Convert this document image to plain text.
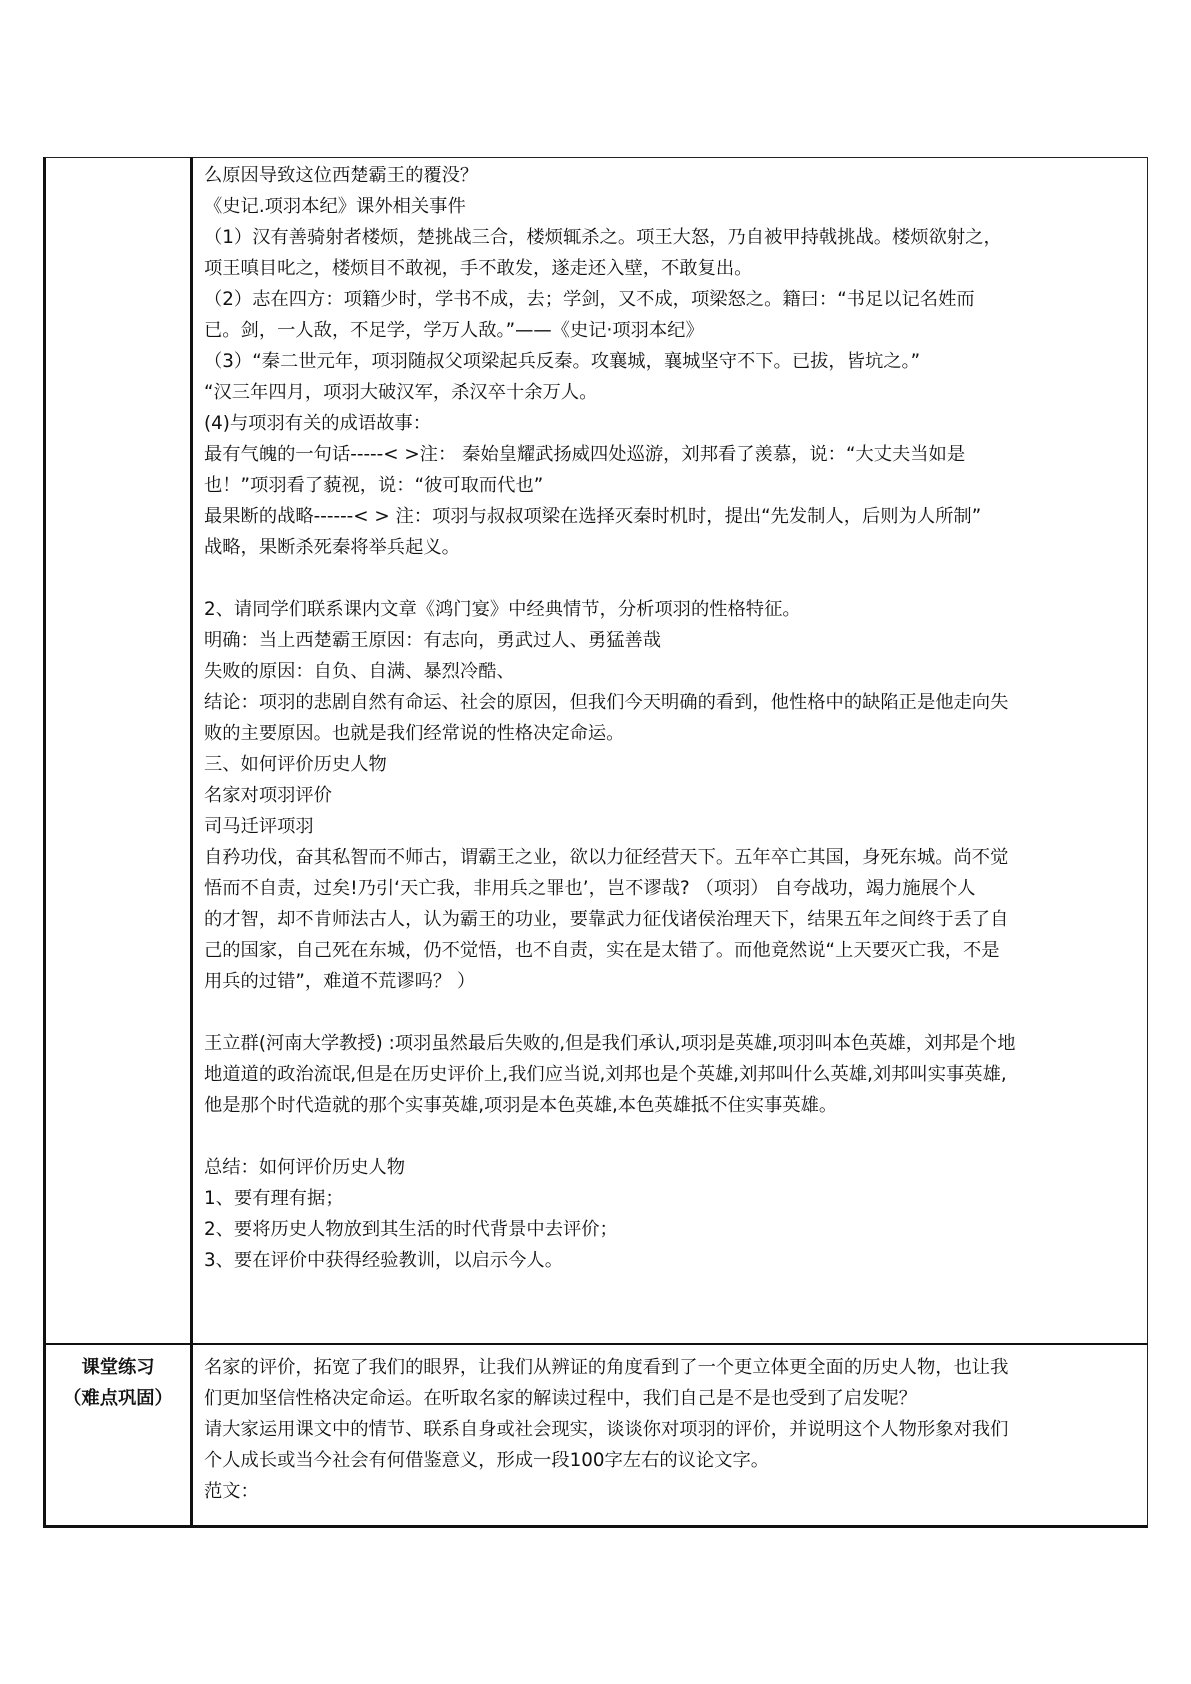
么原因导致这位西楚霸王的覆没？

《史记.项羽本纪》课外相关事件

（1）汉有善骑射者楼烦，楚挑战三合，楼烦辄杀之。项王大怒，乃自被甲持戟挑战。楼烦欲射之，

项王嗔目叱之，楼烦目不敢视，手不敢发，遂走还入壁，不敢复出。

（2）志在四方：项籍少时，学书不成，去；学剑，又不成，项梁怒之。籍曰：“书足以记名姓而

已。剑，一人敌，不足学，学万人敌。”——《史记·项羽本纪》

（3）“秦二世元年，项羽随叔父项梁起兵反秦。攻襄城，襄城坚守不下。已拔，皆坑之。”

“汉三年四月，项羽大破汉军，杀汉卒十余万人。

(4)与项羽有关的成语故事：

最有气魄的一句话-----< >注： 秦始皇耀武扬威四处巡游，刘邦看了羡慕，说：“大丈夫当如是

也！”项羽看了藐视，说：“彼可取而代也”

最果断的战略------< > 注：项羽与叔叔项梁在选择灭秦时机时，提出“先发制人，后则为人所制”

战略，果断杀死秦将举兵起义。

2、请同学们联系课内文章《鸿门宴》中经典情节，分析项羽的性格特征。

明确：当上西楚霸王原因：有志向，勇武过人、勇猛善哉

失败的原因：自负、自满、暴烈冷酷、

结论：项羽的悲剧自然有命运、社会的原因，但我们今天明确的看到，他性格中的缺陷正是他走向失

败的主要原因。也就是我们经常说的性格决定命运。

三、如何评价历史人物

名家对项羽评价

司马迁评项羽

自矜功伐，奋其私智而不师古，谓霸王之业，欲以力征经营天下。五年卒亡其国，身死东城。尚不觉

悟而不自责，过矣!乃引‘天亡我，非用兵之罪也’，岂不谬哉? （项羽） 自夸战功，竭力施展个人

的才智，却不肯师法古人，认为霸王的功业，要靠武力征伐诸侯治理天下，结果五年之间终于丢了自

己的国家，自己死在东城，仍不觉悟，也不自责，实在是太错了。而他竟然说“上天要灭亡我，不是

用兵的过错”，难道不荒谬吗？ ）

王立群(河南大学教授) :项羽虽然最后失败的,但是我们承认,项羽是英雄,项羽叫本色英雄，刘邦是个地

地道道的政治流氓,但是在历史评价上,我们应当说,刘邦也是个英雄,刘邦叫什么英雄,刘邦叫实事英雄,

他是那个时代造就的那个实事英雄,项羽是本色英雄,本色英雄抵不住实事英雄。

总结：如何评价历史人物

1、要有理有据；

2、要将历史人物放到其生活的时代背景中去评价；

3、要在评价中获得经验教训，以启示今人。

课堂练习
（难点巩固）

名家的评价，拓宽了我们的眼界，让我们从辨证的角度看到了一个更立体更全面的历史人物，也让我

们更加坚信性格决定命运。在听取名家的解读过程中，我们自己是不是也受到了启发呢？

请大家运用课文中的情节、联系自身或社会现实，谈谈你对项羽的评价，并说明这个人物形象对我们

个人成长或当今社会有何借鉴意义，形成一段100字左右的议论文字。

范文：
